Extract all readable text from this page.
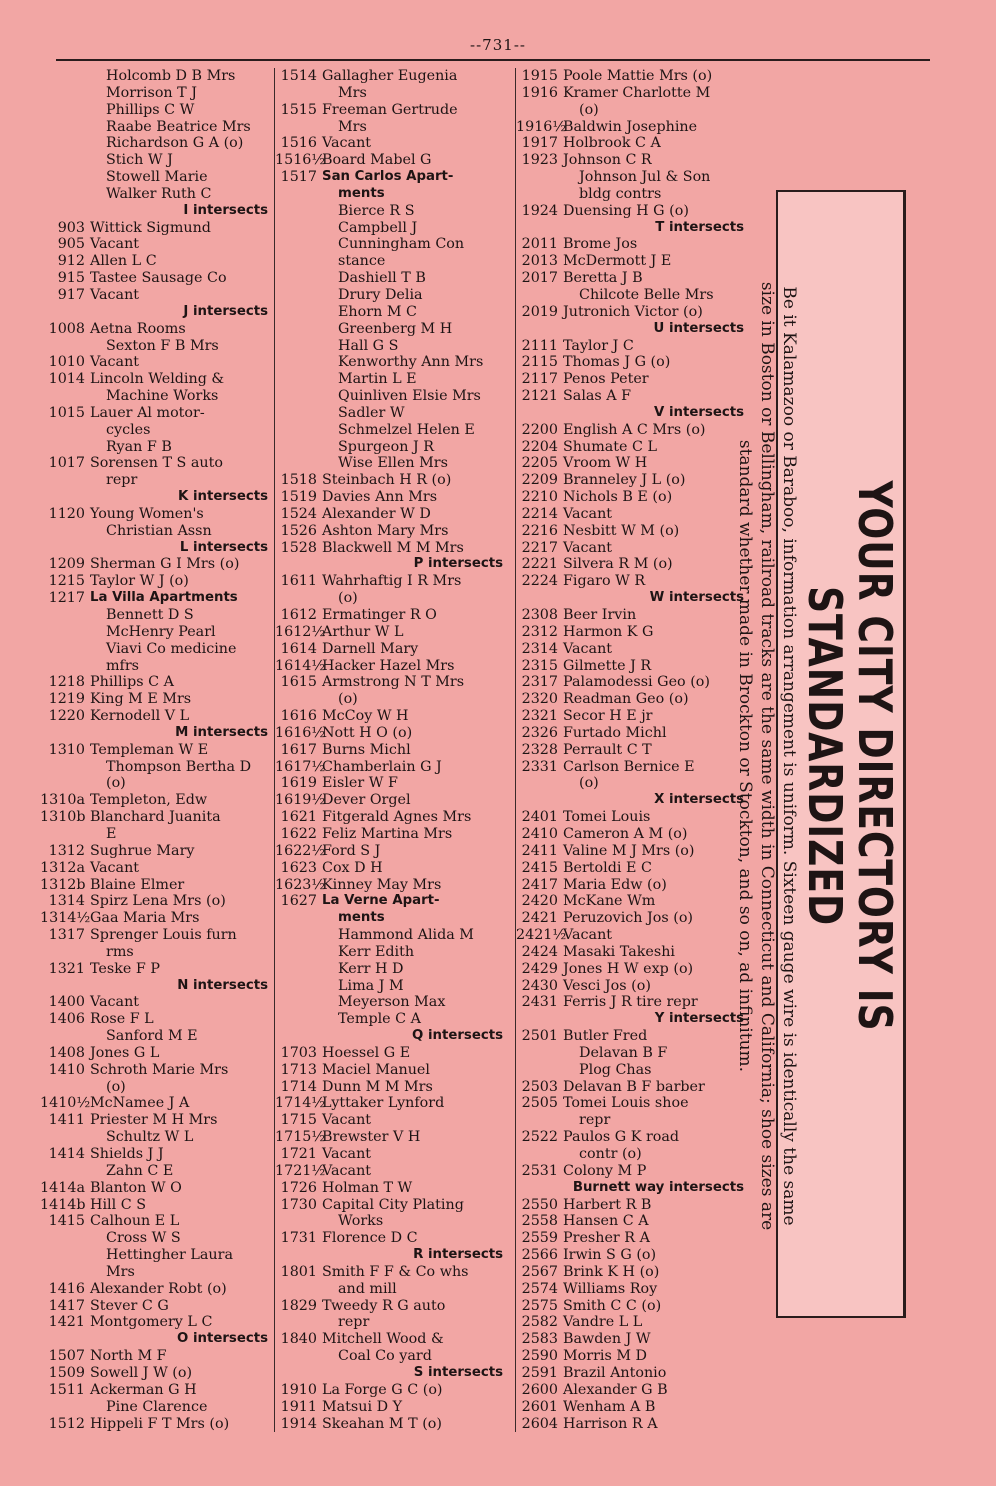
--731--
Holcomb D B Mrs
Morrison T J
Phillips C W
Raabe Beatrice Mrs
Richardson G A (o)
Stich W J
Stowell Marie
Walker Ruth C
I intersects
903 Wittick Sigmund
905 Vacant
912 Allen L C
915 Tastee Sausage Co
917 Vacant
J intersects
1008 Aetna Rooms
Sexton F B Mrs
1010 Vacant
1014 Lincoln Welding &
Machine Works
1015 Lauer Al motor-
cycles
Ryan F B
1017 Sorensen T S auto
repr
K intersects
1120 Young Women's
Christian Assn
L intersects
1209 Sherman G I Mrs (o)
1215 Taylor W J (o)
1217 La Villa Apartments
Bennett D S
McHenry Pearl
Viavi Co medicine
mfrs
1218 Phillips C A
1219 King M E Mrs
1220 Kernodell V L
M intersects
1310 Templeman W E
Thompson Bertha D
(o)
1310a Templeton, Edw
1310b Blanchard Juanita
E
1312 Sughrue Mary
1312a Vacant
1312b Blaine Elmer
1314 Spirz Lena Mrs (o)
1314½ Gaa Maria Mrs
1317 Sprenger Louis furn
rms
1321 Teske F P
N intersects
1400 Vacant
1406 Rose F L
Sanford M E
1408 Jones G L
1410 Schroth Marie Mrs
(o)
1410½ McNamee J A
1411 Priester M H Mrs
Schultz W L
1414 Shields J J
Zahn C E
1414a Blanton W O
1414b Hill C S
1415 Calhoun E L
Cross W S
Hettingher Laura
Mrs
1416 Alexander Robt (o)
1417 Stever C G
1421 Montgomery L C
O intersects
1507 North M F
1509 Sowell J W (o)
1511 Ackerman G H
Pine Clarence
1512 Hippeli F T Mrs (o)
1514 Gallagher Eugenia
Mrs
1515 Freeman Gertrude
Mrs
1516 Vacant
1516½
Board Mabel G
1517 San Carlos Apart-
ments
Bierce R S
Campbell J
Cunningham Con
stance
Dashiell T B
Drury Delia
Ehorn M C
Greenberg M H
Hall G S
Kenworthy Ann Mrs
Martin L E
Quinliven Elsie Mrs
Sadler W
Schmelzel Helen E
Spurgeon J R
Wise Ellen Mrs
1518 Steinbach H R (o)
1519 Davies Ann Mrs
1524 Alexander W D
1526 Ashton Mary Mrs
1528 Blackwell M M Mrs
P intersects
1611 Wahrhaftig I R Mrs
(o)
1612 Ermatinger R O
1612½
Arthur W L
1614 Darnell Mary
1614½
Hacker Hazel Mrs
1615 Armstrong N T Mrs
(o)
1616 McCoy W H
1616½
Nott H O (o)
1617 Burns Michl
1617½
Chamberlain G J
1619 Eisler W F
1619½
Dever Orgel
1621 Fitgerald Agnes Mrs
1622 Feliz Martina Mrs
1622½
Ford S J
1623 Cox D H
1623½
Kinney May Mrs
1627 La Verne Apart-
ments
Hammond Alida M
Kerr Edith
Kerr H D
Lima J M
Meyerson Max
Temple C A
Q intersects
1703 Hoessel G E
1713 Maciel Manuel
1714 Dunn M M Mrs
1714½
Lyttaker Lynford
1715 Vacant
1715½
Brewster V H
1721 Vacant
1721½
Vacant
1726 Holman T W
1730 Capital City Plating
Works
1731 Florence D C
R intersects
1801 Smith F F & Co whs
and mill
1829 Tweedy R G auto
repr
1840 Mitchell Wood &
Coal Co yard
S intersects
1910 La Forge G C (o)
1911 Matsui D Y
1914 Skeahan M T (o)
1915 Poole Mattie Mrs (o)
1916 Kramer Charlotte M
(o)
1916½
Baldwin Josephine
1917 Holbrook C A
1923 Johnson C R
Johnson Jul & Son
bldg contrs
1924 Duensing H G (o)
T intersects
2011 Brome Jos
2013 McDermott J E
2017 Beretta J B
Chilcote Belle Mrs
2019 Jutronich Victor (o)
U intersects
2111 Taylor J C
2115 Thomas J G (o)
2117 Penos Peter
2121 Salas A F
V intersects
2200 English A C Mrs (o)
2204 Shumate C L
2205 Vroom W H
2209 Branneley J L (o)
2210 Nichols B E (o)
2214 Vacant
2216 Nesbitt W M (o)
2217 Vacant
2221 Silvera R M (o)
2224 Figaro W R
W intersects
2308 Beer Irvin
2312 Harmon K G
2314 Vacant
2315 Gilmette J R
2317 Palamodessi Geo (o)
2320 Readman Geo (o)
2321 Secor H E jr
2326 Furtado Michl
2328 Perrault C T
2331 Carlson Bernice E
(o)
X intersects
2401 Tomei Louis
2410 Cameron A M (o)
2411 Valine M J Mrs (o)
2415 Bertoldi E C
2417 Maria Edw (o)
2420 McKane Wm
2421 Peruzovich Jos (o)
2421½
Vacant
2424 Masaki Takeshi
2429 Jones H W exp (o)
2430 Vesci Jos (o)
2431 Ferris J R tire repr
Y intersects
2501 Butler Fred
Delavan B F
Plog Chas
2503 Delavan B F barber
2505 Tomei Louis shoe
repr
2522 Paulos G K road
contr (o)
2531 Colony M P
Burnett way intersects
2550 Harbert R B
2558 Hansen C A
2559 Presher R A
2566 Irwin S G (o)
2567 Brink K H (o)
2574 Williams Roy
2575 Smith C C (o)
2582 Vandre L L
2583 Bawden J W
2590 Morris M D
2591 Brazil Antonio
2600 Alexander G B
2601 Wenham A B
2604 Harrison R A
YOUR CITY DIRECTORY IS STANDARDIZED
Be it Kalamazoo or Baraboo, information arrangement is uniform. Sixteen gauge wire is identically the same
size in Boston or Bellingham, railroad tracks are the same width in Connecticut and California; shoe sizes are
standard whether made in Brockton or Stockton, and so on, ad infinitum.
